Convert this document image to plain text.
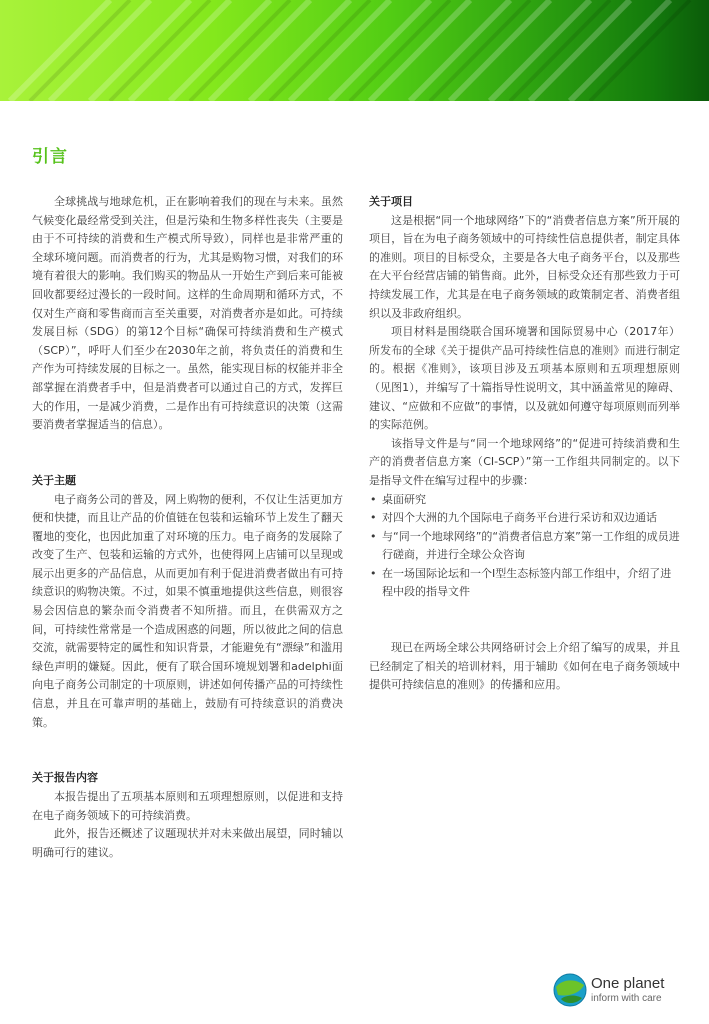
引言

全球挑战与地球危机，正在影响着我们的现在与未来。虽然气候变化最经常受到关注，但是污染和生物多样性丧失（主要是由于不可持续的消费和生产模式所导致），同样也是非常严重的全球环境问题。而消费者的行为，尤其是购物习惯，对我们的环境有着很大的影响。我们购买的物品从一开始生产到后来可能被回收都要经过漫长的一段时间。这样的生命周期和循环方式，不仅对生产商和零售商而言至关重要，对消费者亦是如此。可持续发展目标（SDG）的第12个目标“确保可持续消费和生产模式（SCP）”，呼吁人们至少在2030年之前，将负责任的消费和生产作为可持续发展的目标之一。虽然，能实现目标的权能并非全部掌握在消费者手中，但是消费者可以通过自己的方式，发挥巨大的作用，一是减少消费，二是作出有可持续意识的决策（这需要消费者掌握适当的信息）。

关于主题

电子商务公司的普及，网上购物的便利，不仅让生活更加方便和快捷，而且让产品的价值链在包装和运输环节上发生了翻天覆地的变化，也因此加重了对环境的压力。电子商务的发展除了改变了生产、包装和运输的方式外，也使得网上店铺可以呈现或展示出更多的产品信息，从而更加有利于促进消费者做出有可持续意识的购物决策。不过，如果不慎重地提供这些信息，则很容易会因信息的繁杂而令消费者不知所措。而且，在供需双方之间，可持续性常常是一个造成困惑的问题，所以彼此之间的信息交流，就需要特定的属性和知识背景，才能避免有“漂绿”和滥用绿色声明的嫌疑。因此，便有了联合国环境规划署和adelphi面向电子商务公司制定的十项原则，讲述如何传播产品的可持续性信息，并且在可靠声明的基础上，鼓励有可持续意识的消费决策。

关于报告内容

本报告提出了五项基本原则和五项理想原则，以促进和支持在电子商务领域下的可持续消费。

此外，报告还概述了议题现状并对未来做出展望，同时辅以明确可行的建议。

关于项目

这是根据“同一个地球网络”下的“消费者信息方案”所开展的项目，旨在为电子商务领域中的可持续性信息提供者，制定具体的准则。项目的目标受众，主要是各大电子商务平台，以及那些在大平台经营店铺的销售商。此外，目标受众还有那些致力于可持续发展工作，尤其是在电子商务领域的政策制定者、消费者组织以及非政府组织。

项目材料是围绕联合国环境署和国际贸易中心（2017年）所发布的全球《关于提供产品可持续性信息的准则》而进行制定的。根据《准则》，该项目涉及五项基本原则和五项理想原则（见图1），并编写了十篇指导性说明文，其中涵盖常见的障碍、建议、“应做和不应做”的事情，以及就如何遵守每项原则而列举的实际范例。

该指导文件是与“同一个地球网络”的“促进可持续消费和生产的消费者信息方案（CI-SCP）”第一工作组共同制定的。以下是指导文件在编写过程中的步骤：

• 桌面研究
• 对四个大洲的九个国际电子商务平台进行采访和双边通话
• 与“同一个地球网络”的“消费者信息方案”第一工作组的成员进行磋商，并进行全球公众咨询
• 在一场国际论坛和一个I型生态标签内部工作组中，介绍了进程中段的指导文件

现已在两场全球公共网络研讨会上介绍了编写的成果，并且已经制定了相关的培训材料，用于辅助《如何在电子商务领域中提供可持续信息的准则》的传播和应用。

One planet
inform with care
